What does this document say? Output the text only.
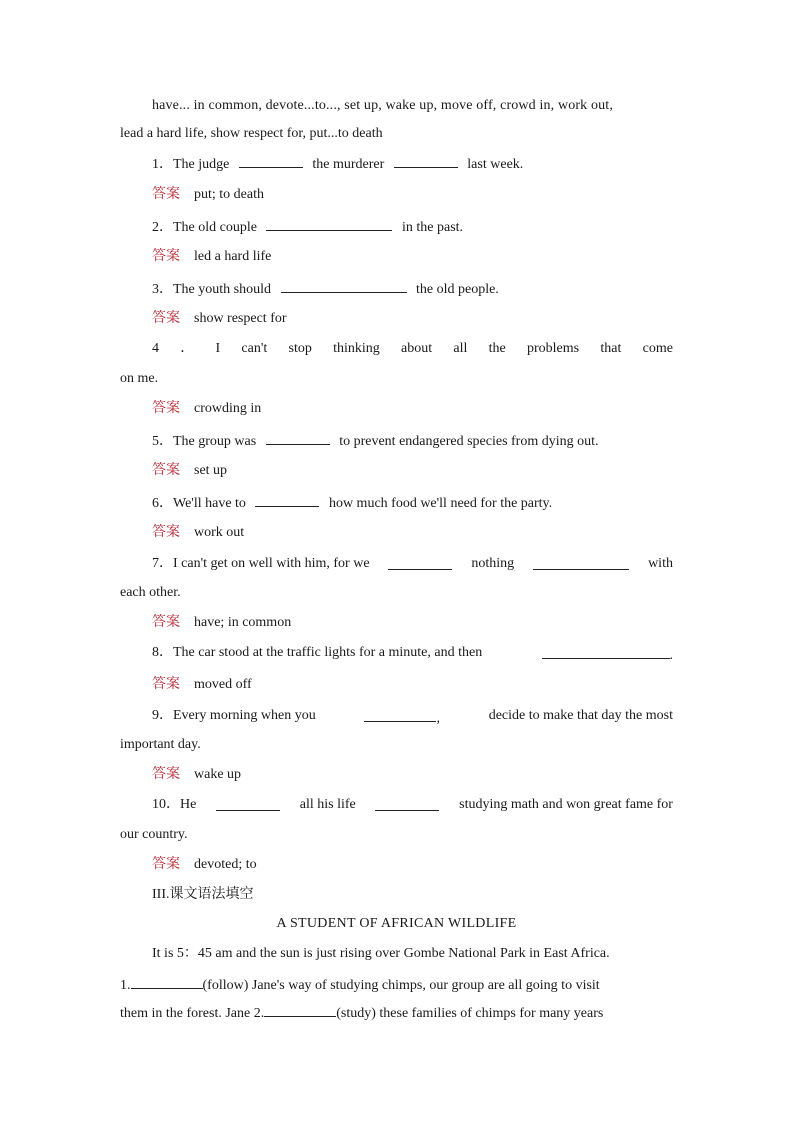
have... in common, devote...to..., set up, wake up, move off, crowd in, work out,
lead a hard life, show respect for, put...to death
1．The judge	the murderer	last week.
答案 put; to death
2．The old couple	in the past.
答案 led a hard life
3．The youth should	the old people.
答案 show respect for
4 ． I can't stop thinking about all the problems that come
on me.
答案 crowding in
5．The group was	to prevent endangered species from dying out.
答案 set up
6．We'll have to	how much food we'll need for the party.
答案 work out
7．I can't get on well with him, for we	nothing	with
each other.
答案 have; in common
8．The car stood at the traffic lights for a minute, and then	.
答案 moved off
9．Every morning when you	,	decide to make that day the most
important day.
答案 wake up
10．He	all his life	studying math and won great fame for
our country.
答案 devoted; to
III.课文语法填空
A STUDENT OF AFRICAN WILDLIFE
It is 5：45 am and the sun is just rising over Gombe National Park in East Africa.
1.	(follow) Jane's way of studying chimps, our group are all going to visit
them in the forest. Jane 2.	(study) these families of chimps for many years
